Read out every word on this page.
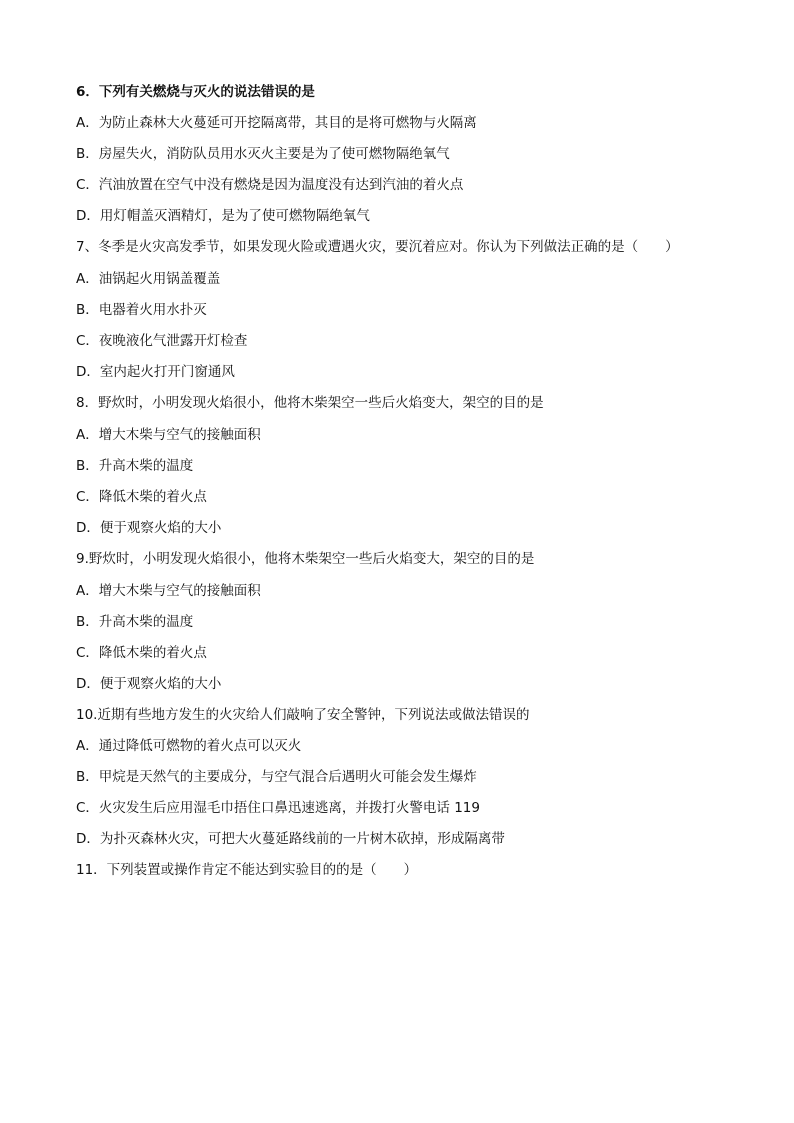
6．下列有关燃烧与灭火的说法错误的是
A．为防止森林大火蔓延可开挖隔离带，其目的是将可燃物与火隔离
B．房屋失火，消防队员用水灭火主要是为了使可燃物隔绝氧气
C．汽油放置在空气中没有燃烧是因为温度没有达到汽油的着火点
D．用灯帽盖灭酒精灯，是为了使可燃物隔绝氧气
7、冬季是火灾高发季节，如果发现火险或遭遇火灾，要沉着应对。你认为下列做法正确的是（　　）
A．油锅起火用锅盖覆盖
B．电器着火用水扑灭
C．夜晚液化气泄露开灯检查
D．室内起火打开门窗通风
8．野炊时，小明发现火焰很小，他将木柴架空一些后火焰变大，架空的目的是
A．增大木柴与空气的接触面积
B．升高木柴的温度
C．降低木柴的着火点
D．便于观察火焰的大小
9.野炊时，小明发现火焰很小，他将木柴架空一些后火焰变大，架空的目的是
A．增大木柴与空气的接触面积
B．升高木柴的温度
C．降低木柴的着火点
D．便于观察火焰的大小
10.近期有些地方发生的火灾给人们敲响了安全警钟，下列说法或做法错误的
A．通过降低可燃物的着火点可以灭火
B．甲烷是天然气的主要成分，与空气混合后遇明火可能会发生爆炸
C．火灾发生后应用湿毛巾捂住口鼻迅速逃离，并拨打火警电话 119
D．为扑灭森林火灾，可把大火蔓延路线前的一片树木砍掉，形成隔离带
11．下列装置或操作肯定不能达到实验目的的是（　　）
